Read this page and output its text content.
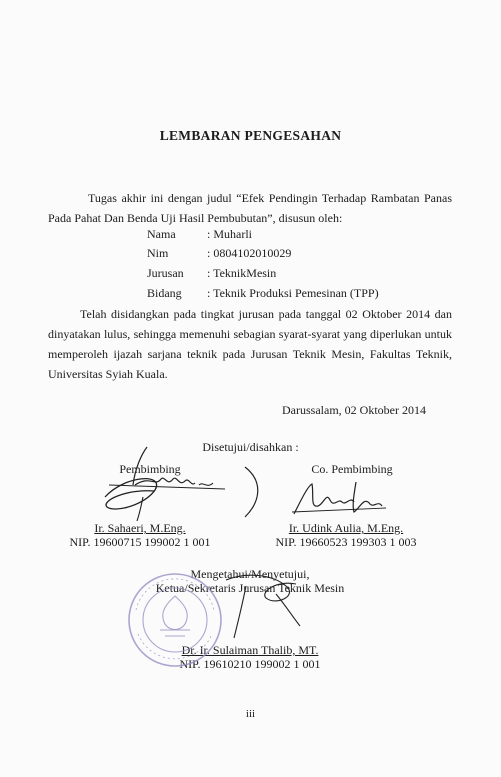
LEMBARAN PENGESAHAN
Tugas akhir ini dengan judul “Efek Pendingin Terhadap Rambatan Panas
Pada Pahat Dan Benda Uji Hasil Pembubutan”, disusun oleh:
Nama	: Muharli
Nim	: 0804102010029
Jurusan : TeknikMesin
Bidang : Teknik Produksi Pemesinan (TPP)
Telah disidangkan pada tingkat jurusan pada tanggal 02 Oktober 2014 dan
dinyatakan lulus, sehingga memenuhi sebagian syarat-syarat yang diperlukan untuk
memperoleh ijazah sarjana teknik pada Jurusan Teknik Mesin, Fakultas Teknik,
Universitas Syiah Kuala.
Darussalam, 02 Oktober 2014
Disetujui/disahkan :
Pembimbing
Ir. Sahaeri, M.Eng.
NIP. 19600715 199002 1 001
Co. Pembimbing
Ir. Udink Aulia, M.Eng.
NIP. 19660523 199303 1 003
Mengetahui/Menyetujui,
Ketua/Sekretaris Jurusan Teknik Mesin
Dr. Ir. Sulaiman Thalib, MT.
NIP. 19610210 199002 1 001
iii
